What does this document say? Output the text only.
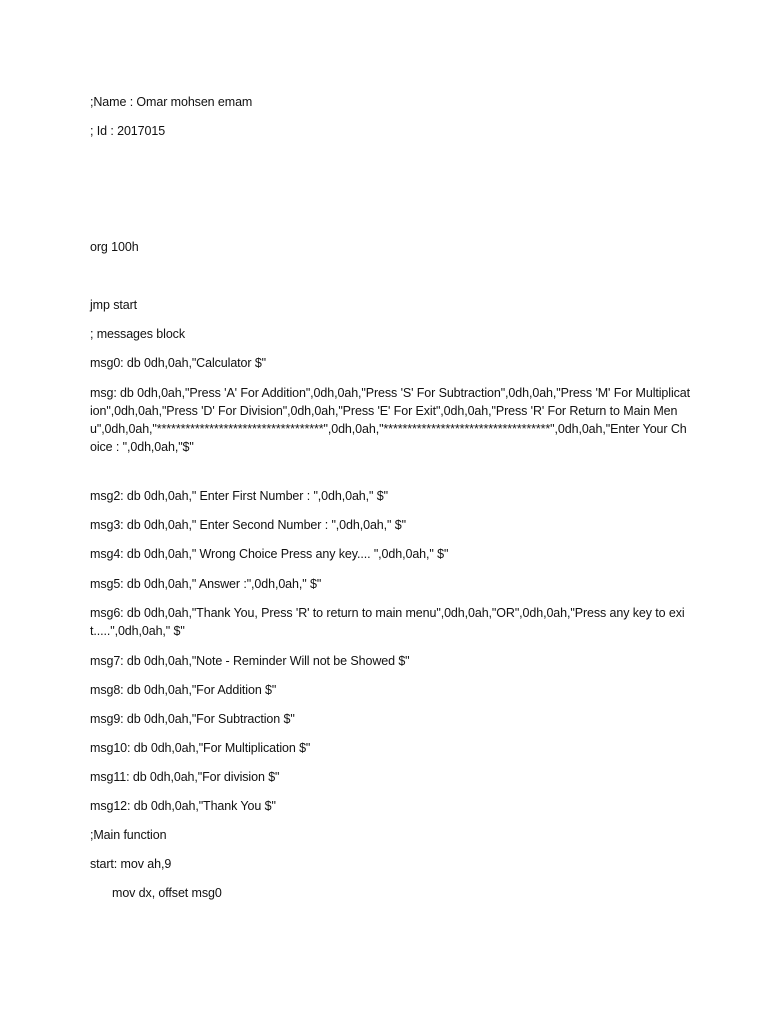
;Name : Omar mohsen emam
; Id : 2017015
org 100h
jmp start
; messages block
msg0: db 0dh,0ah,"Calculator $"
msg: db 0dh,0ah,"Press 'A' For Addition",0dh,0ah,"Press 'S' For Subtraction",0dh,0ah,"Press 'M' For Multiplication",0dh,0ah,"Press 'D' For Division",0dh,0ah,"Press 'E' For Exit",0dh,0ah,"Press 'R' For Return to Main Menu",0dh,0ah,"***********************************",0dh,0ah,"***********************************",0dh,0ah,"Enter Your Choice : ",0dh,0ah,"$"
msg2: db 0dh,0ah," Enter First Number : ",0dh,0ah," $"
msg3: db 0dh,0ah," Enter Second Number : ",0dh,0ah," $"
msg4: db 0dh,0ah," Wrong Choice Press any key.... ",0dh,0ah," $"
msg5: db 0dh,0ah," Answer :",0dh,0ah," $"
msg6: db 0dh,0ah,"Thank You, Press 'R' to return to main menu",0dh,0ah,"OR",0dh,0ah,"Press any key to exit.....",0dh,0ah," $"
msg7: db 0dh,0ah,"Note - Reminder Will not be Showed $"
msg8: db 0dh,0ah,"For Addition $"
msg9: db 0dh,0ah,"For Subtraction $"
msg10: db 0dh,0ah,"For Multiplication $"
msg11: db 0dh,0ah,"For division $"
msg12: db 0dh,0ah,"Thank You $"
;Main function
start: mov ah,9
mov dx, offset msg0
